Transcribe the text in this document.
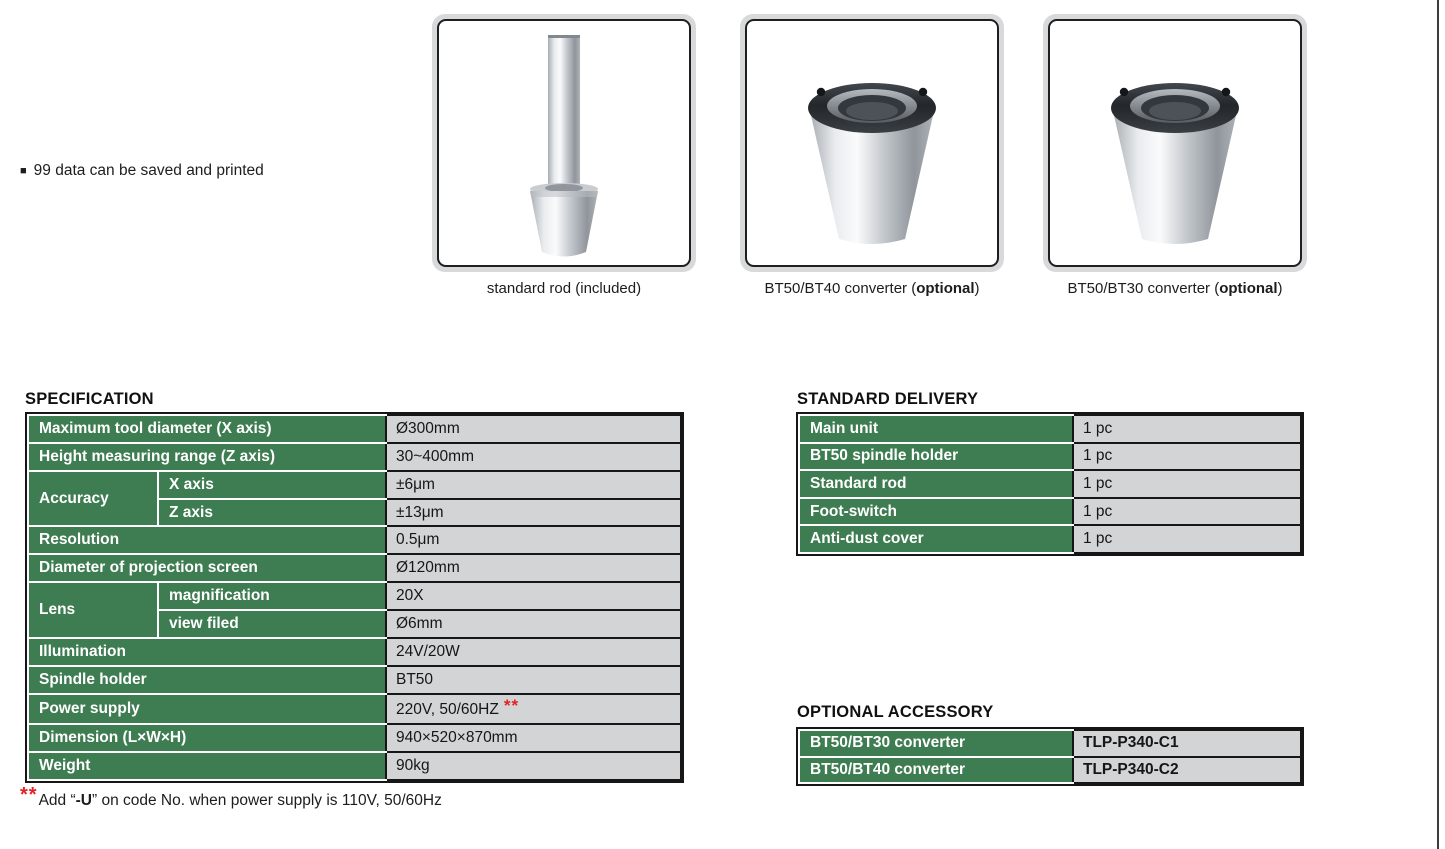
■ 99 data can be saved and printed
standard rod (included)	BT50/BT40 converter (optional)	BT50/BT30 converter (optional)
SPECIFICATION
Maximum tool diameter (X axis)		Ø300mm
Height measuring range (Z axis)		30~400mm
Accuracy	X axis	±6μm
	Z axis	±13μm
Resolution		0.5μm
Diameter of projection screen		Ø120mm
Lens	magnification	20X
	view filed	Ø6mm
Illumination		24V/20W
Spindle holder		BT50
Power supply		220V, 50/60HZ **
Dimension (L×W×H)		940×520×870mm
Weight		90kg
**Add “-U” on code No. when power supply is 110V, 50/60Hz
STANDARD DELIVERY
Main unit	1 pc
BT50 spindle holder	1 pc
Standard rod	1 pc
Foot-switch	1 pc
Anti-dust cover	1 pc
OPTIONAL ACCESSORY
BT50/BT30 converter	TLP-P340-C1
BT50/BT40 converter	TLP-P340-C2
